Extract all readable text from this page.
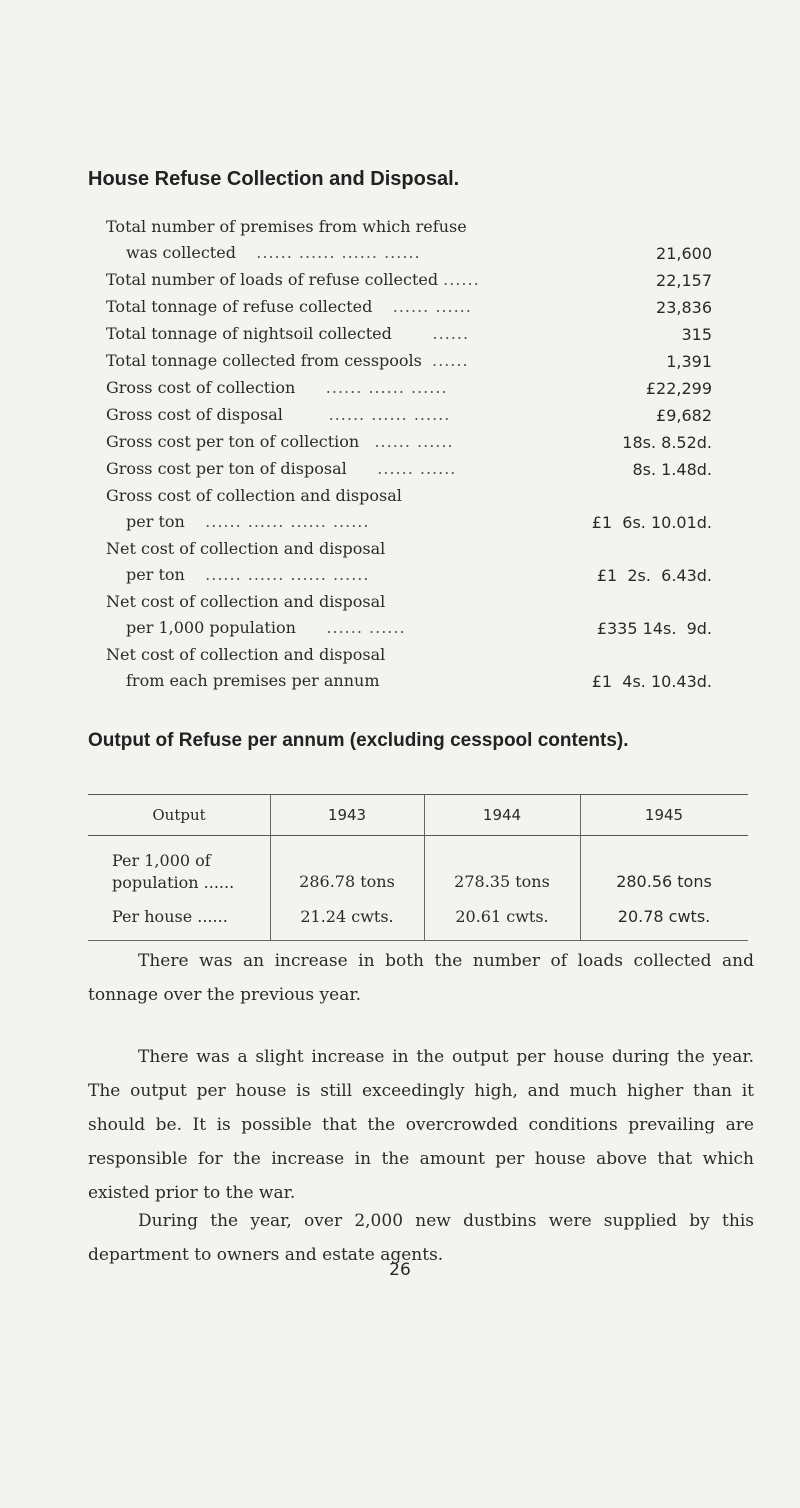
House Refuse Collection and Disposal.
Total number of premises from which refuse
was collected ...... ...... ...... ......	21,600
Total number of loads of refuse collected ......	22,157
Total tonnage of refuse collected ...... ......	23,836
Total tonnage of nightsoil collected	......	315
Total tonnage collected from cesspools ......	1,391
Gross cost of collection ...... ...... ......	£22,299
Gross cost of disposal	...... ...... ......	£9,682
Gross cost per ton of collection ...... ......	18s. 8.52d.
Gross cost per ton of disposal ...... ......	8s. 1.48d.
Gross cost of collection and disposal
per ton ...... ...... ...... ......	£1  6s. 10.01d.
Net cost of collection and disposal
per ton ...... ...... ...... ......	£1  2s.  6.43d.
Net cost of collection and disposal
per 1,000 population ...... ......	£335 14s.  9d.
Net cost of collection and disposal
from each premises per annum	£1  4s. 10.43d.
Output of Refuse per annum (excluding cesspool contents).
Output	1943	1944	1945
Per 1,000 of
population ......	286.78 tons	278.35 tons	280.56 tons
Per house ......	21.24 cwts.	20.61 cwts.	20.78 cwts.

There was an increase in both the number of loads collected and tonnage over the previous year.

There was a slight increase in the output per house during the year. The output per house is still exceedingly high, and much higher than it should be. It is possible that the overcrowded conditions prevailing are responsible for the increase in the amount per house above that which existed prior to the war.

During the year, over 2,000 new dustbins were supplied by this department to owners and estate agents.

26
